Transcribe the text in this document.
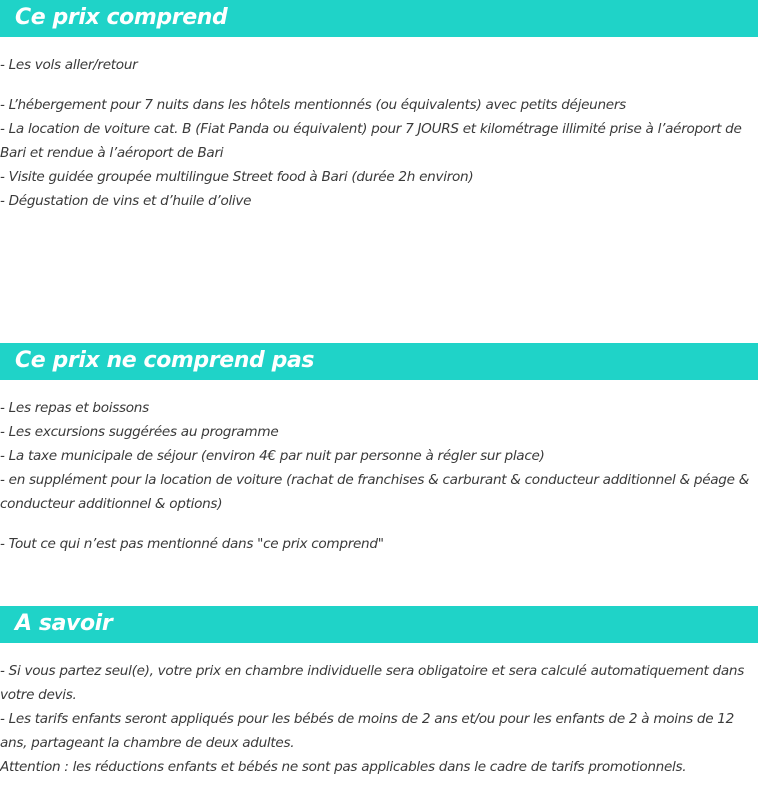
Ce prix comprend

- Les vols aller/retour

- L’hébergement pour 7 nuits dans les hôtels mentionnés (ou équivalents) avec petits déjeuners

- La location de voiture cat. B (Fiat Panda ou équivalent) pour 7 JOURS et kilométrage illimité prise à l’aéroport de Bari et rendue à l’aéroport de Bari

- Visite guidée groupée multilingue Street food à Bari (durée 2h environ)

- Dégustation de vins et d’huile d’olive

Ce prix ne comprend pas

- Les repas et boissons

- Les excursions suggérées au programme

- La taxe municipale de séjour (environ 4€ par nuit par personne à régler sur place)

- en supplément pour la location de voiture (rachat de franchises & carburant & conducteur additionnel & péage & conducteur additionnel & options)

- Tout ce qui n’est pas mentionné dans "ce prix comprend"

A savoir

- Si vous partez seul(e), votre prix en chambre individuelle sera obligatoire et sera calculé automatiquement dans votre devis.

- Les tarifs enfants seront appliqués pour les bébés de moins de 2 ans et/ou pour les enfants de 2 à moins de 12 ans, partageant la chambre de deux adultes.

Attention : les réductions enfants et bébés ne sont pas applicables dans le cadre de tarifs promotionnels.
